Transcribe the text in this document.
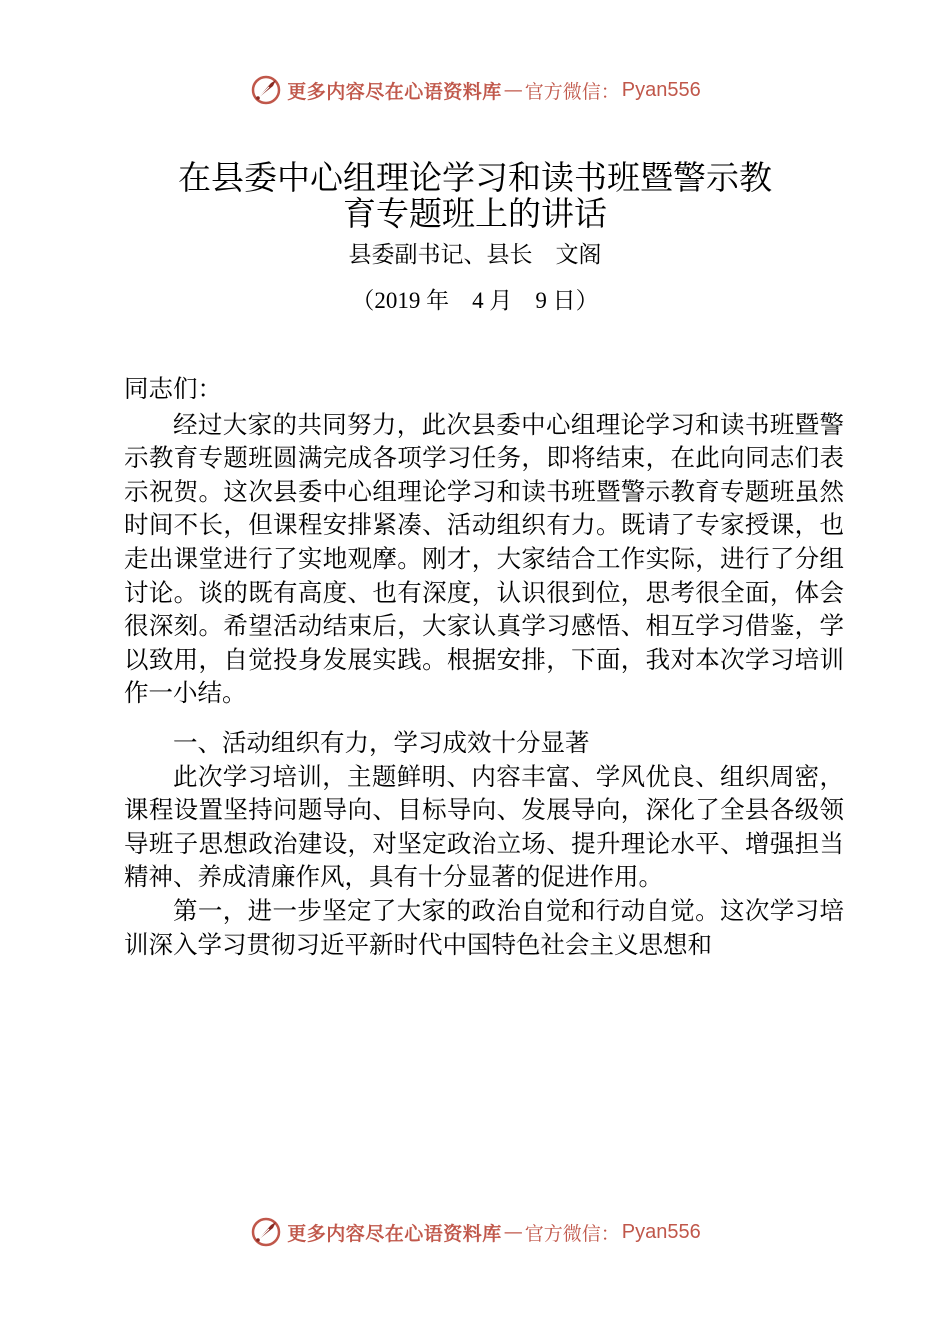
更多内容尽在心语资料库 — 官方微信： Pyan556
在县委中心组理论学习和读书班暨警示教
育专题班上的讲话
县委副书记、县长　文阁
（2019 年　4 月　9 日）

同志们：

经过大家的共同努力，此次县委中心组理论学习和读书班暨警示教育专题班圆满完成各项学习任务，即将结束，在此向同志们表示祝贺。这次县委中心组理论学习和读书班暨警示教育专题班虽然时间不长，但课程安排紧凑、活动组织有力。既请了专家授课，也走出课堂进行了实地观摩。刚才，大家结合工作实际，进行了分组讨论。谈的既有高度、也有深度，认识很到位，思考很全面，体会很深刻。希望活动结束后，大家认真学习感悟、相互学习借鉴，学以致用，自觉投身发展实践。根据安排，下面，我对本次学习培训作一小结。

一、活动组织有力，学习成效十分显著

此次学习培训，主题鲜明、内容丰富、学风优良、组织周密，课程设置坚持问题导向、目标导向、发展导向，深化了全县各级领导班子思想政治建设，对坚定政治立场、提升理论水平、增强担当精神、养成清廉作风，具有十分显著的促进作用。

第一，进一步坚定了大家的政治自觉和行动自觉。这次学习培训深入学习贯彻习近平新时代中国特色社会主义思想和

更多内容尽在心语资料库 — 官方微信： Pyan556
